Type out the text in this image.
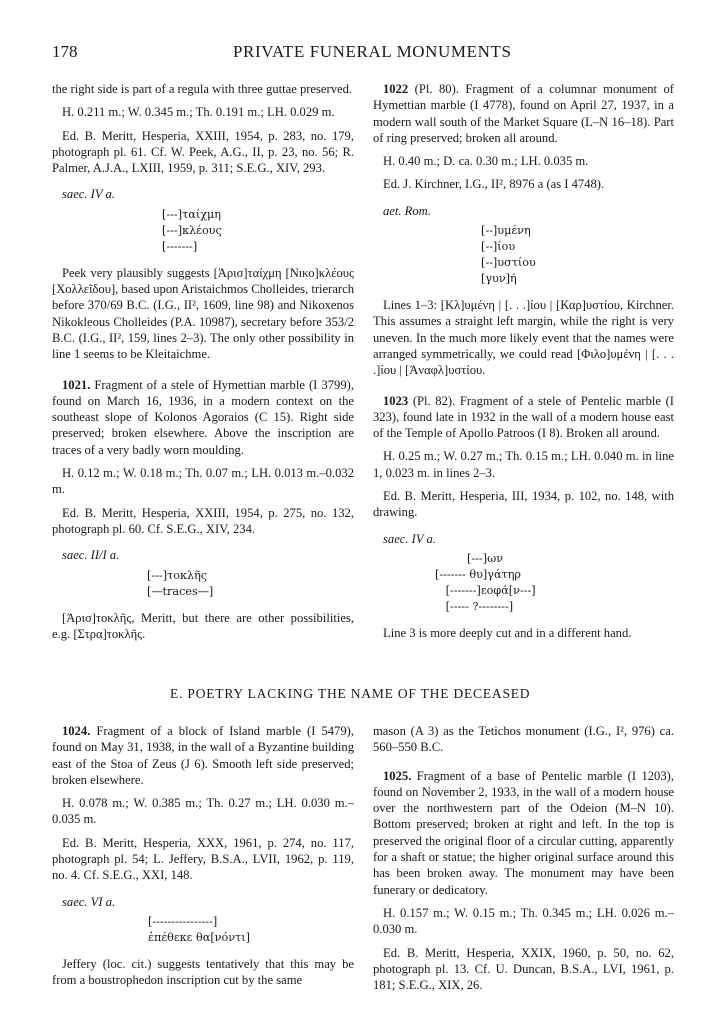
178	PRIVATE FUNERAL MONUMENTS

the right side is part of a regula with three guttae preserved.

H. 0.211 m.; W. 0.345 m.; Th. 0.191 m.; LH. 0.029 m.

Ed. B. Meritt, Hesperia, XXIII, 1954, p. 283, no. 179, photograph pl. 61. Cf. W. Peek, A.G., II, p. 23, no. 56; R. Palmer, A.J.A., LXIII, 1959, p. 311; S.E.G., XIV, 293.

saec. IV a.
[---]ταίχμη
[---]κλέους
[-------]

Peek very plausibly suggests [Ἀρισ]ταίχμη [Νικο]κλέους [Χολλεῖδου], based upon Aristaichmos Cholleides, trierarch before 370/69 B.C. (I.G., II², 1609, line 98) and Nikoxenos Nikokleous Cholleides (P.A. 10987), secretary before 353/2 B.C. (I.G., II², 159, lines 2–3). The only other possibility in line 1 seems to be Kleitaichme.

1021. Fragment of a stele of Hymettian marble (I 3799), found on March 16, 1936, in a modern context on the southeast slope of Kolonos Agoraios (C 15). Right side preserved; broken elsewhere. Above the inscription are traces of a very badly worn moulding.

H. 0.12 m.; W. 0.18 m.; Th. 0.07 m.; LH. 0.013 m.–0.032 m.

Ed. B. Meritt, Hesperia, XXIII, 1954, p. 275, no. 132, photograph pl. 60. Cf. S.E.G., XIV, 234.

saec. II/I a.
[---]τοκλῆς
[—traces—]

[Ἀρισ]τοκλῆς, Meritt, but there are other possibilities, e.g. [Στρα]τοκλῆς.

1022 (Pl. 80). Fragment of a columnar monument of Hymettian marble (I 4778), found on April 27, 1937, in a modern wall south of the Market Square (L–N 16–18). Part of ring preserved; broken all around.

H. 0.40 m.; D. ca. 0.30 m.; LH. 0.035 m.

Ed. J. Kirchner, I.G., II², 8976 a (as I 4748).

aet. Rom.
[--]υμένη
[--]ίου
[--]υστίου
[γυν]ή

Lines 1–3: [Κλ]υμένη | [. . .]ίου | [Καρ]υστίου, Kirchner. This assumes a straight left margin, while the right is very uneven. In the much more likely event that the names were arranged symmetrically, we could read [Φιλο]υμένη | [. . . .]ίου | [Ἀναφλ]υστίου.

1023 (Pl. 82). Fragment of a stele of Pentelic marble (I 323), found late in 1932 in the wall of a modern house east of the Temple of Apollo Patroos (I 8). Broken all around.

H. 0.25 m.; W. 0.27 m.; Th. 0.15 m.; LH. 0.040 m. in line 1, 0.023 m. in lines 2–3.

Ed. B. Meritt, Hesperia, III, 1934, p. 102, no. 148, with drawing.

saec. IV a.
[---]ων
[------- θυ]γάτηρ
[-------]εοφά[ν---]
[----- ?--------]

Line 3 is more deeply cut and in a different hand.

E. POETRY LACKING THE NAME OF THE DECEASED

1024. Fragment of a block of Island marble (I 5479), found on May 31, 1938, in the wall of a Byzantine building east of the Stoa of Zeus (J 6). Smooth left side preserved; broken elsewhere.

H. 0.078 m.; W. 0.385 m.; Th. 0.27 m.; LH. 0.030 m.–0.035 m.

Ed. B. Meritt, Hesperia, XXX, 1961, p. 274, no. 117, photograph pl. 54; L. Jeffery, B.S.A., LVII, 1962, p. 119, no. 4. Cf. S.E.G., XXI, 148.

saec. VI a.
[----------------]
ἐπέθεκε θα[νόντι]

Jeffery (loc. cit.) suggests tentatively that this may be from a boustrophedon inscription cut by the same

mason (A 3) as the Tetichos monument (I.G., I², 976) ca. 560–550 B.C.

1025. Fragment of a base of Pentelic marble (I 1203), found on November 2, 1933, in the wall of a modern house over the northwestern part of the Odeion (M–N 10). Bottom preserved; broken at right and left. In the top is preserved the original floor of a circular cutting, apparently for a shaft or statue; the higher original surface around this has been broken away. The monument may have been funerary or dedicatory.

H. 0.157 m.; W. 0.15 m.; Th. 0.345 m.; LH. 0.026 m.–0.030 m.

Ed. B. Meritt, Hesperia, XXIX, 1960, p. 50, no. 62, photograph pl. 13. Cf. U. Duncan, B.S.A., LVI, 1961, p. 181; S.E.G., XIX, 26.
